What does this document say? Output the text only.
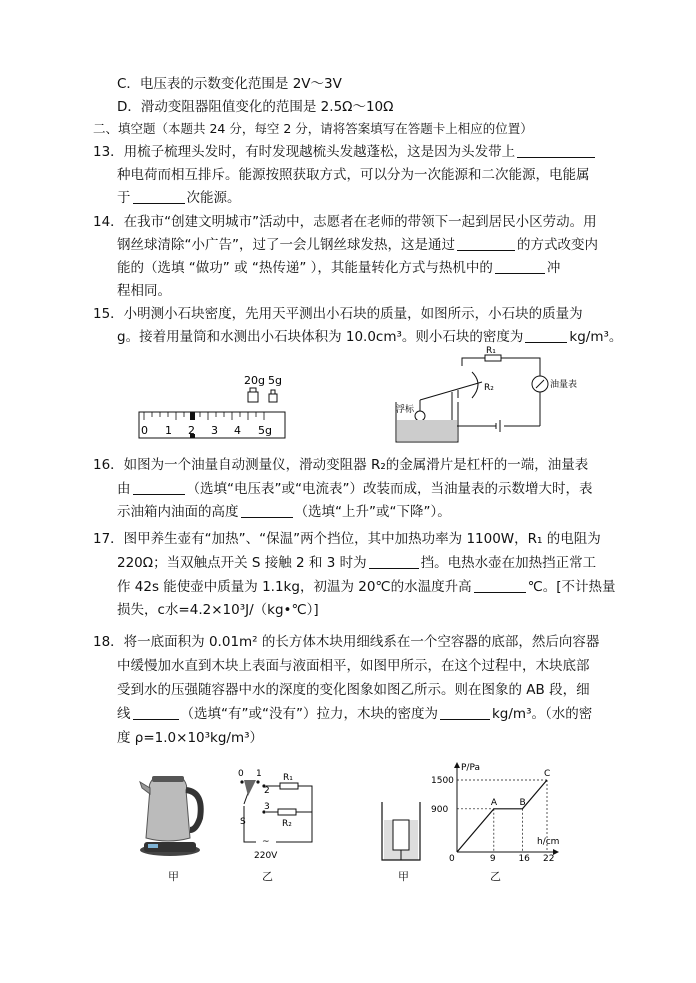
C．电压表的示数变化范围是 2V～3V
D．滑动变阻器阻值变化的范围是 2.5Ω～10Ω
二、填空题（本题共 24 分，每空 2 分，请将答案填写在答题卡上相应的位置）
13．用梳子梳理头发时，有时发现越梳头发越蓬松，这是因为头发带上
种电荷而相互排斥。能源按照获取方式，可以分为一次能源和二次能源，电能属
于	次能源。
14．在我市“创建文明城市”活动中，志愿者在老师的带领下一起到居民小区劳动。用
钢丝球清除“小广告”，过了一会儿钢丝球发热，这是通过	的方式改变内
能的（选填 “做功” 或 “热传递” ），其能量转化方式与热机中的	冲
程相同。
15．小明测小石块密度，先用天平测出小石块的质量，如图所示，小石块的质量为
g。接着用量筒和水测出小石块体积为 10.0cm³。则小石块的密度为	kg/m³。
20g 5g
0 1 2 3 4 5g
R₁
R₂
浮标
油量表
16．如图为一个油量自动测量仪，滑动变阻器 R₂的金属滑片是杠杆的一端，油量表
由	（选填“电压表”或“电流表”）改装而成，当油量表的示数增大时，表
示油箱内油面的高度	（选填“上升”或“下降”）。
17．图甲养生壶有“加热”、“保温”两个挡位，其中加热功率为 1100W，R₁ 的电阻为
220Ω；当双触点开关 S 接触 2 和 3 时为	挡。电热水壶在加热挡正常工
作 42s 能使壶中质量为 1.1kg，初温为 20℃的水温度升高	℃。[不计热量
损失，c水=4.2×10³J/（kg•℃）]
18．将一底面积为 0.01m² 的长方体木块用细线系在一个空容器的底部，然后向容器
中缓慢加水直到木块上表面与液面相平，如图甲所示，在这个过程中，木块底部
受到水的压强随容器中水的深度的变化图象如图乙所示。则在图象的 AB 段，细
线	（选填“有”或“没有”）拉力，木块的密度为	kg/m³。（水的密
度 ρ=1.0×10³kg/m³）
甲
0 1
2
3
R₁
R₂
S
220V
~
乙	甲
P/Pa
h/cm
0
A B
C
9	16 22
900
1500
乙
